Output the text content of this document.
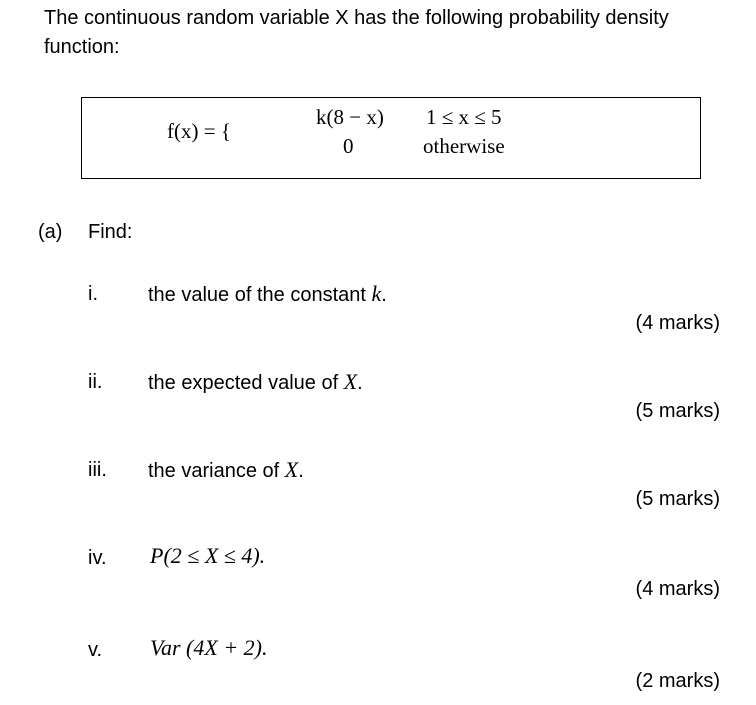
The continuous random variable X has the following probability density
function:
f(x) = {
k(8 − x) 1 ≤ x ≤ 5
0	otherwise
(a) Find:
i.	the value of the constant k.
(4 marks)
ii. the expected value of X.
(5 marks)
iii. the variance of X.
(5 marks)
iv. P(2 ≤ X ≤ 4).
(4 marks)
v. Var (4X + 2).
(2 marks)
